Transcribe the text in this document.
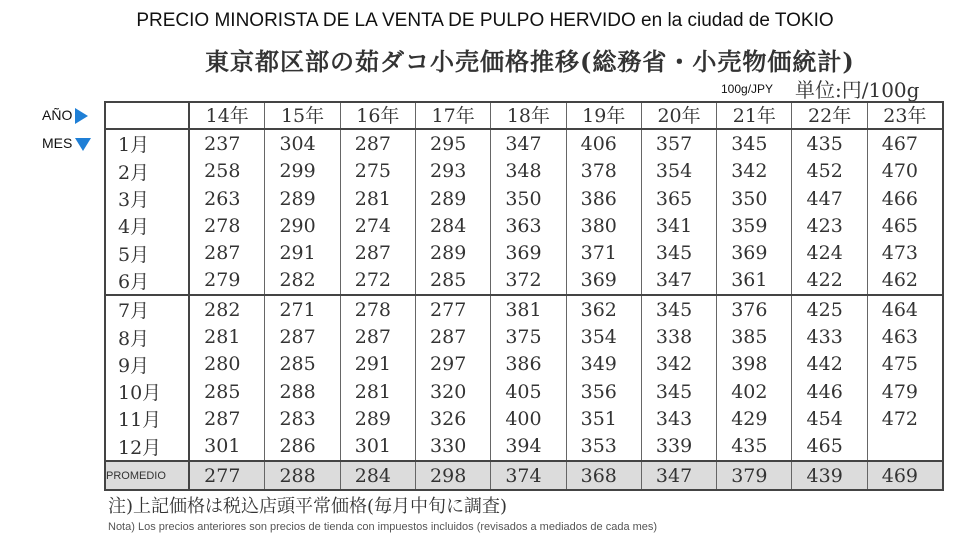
PRECIO MINORISTA DE LA VENTA DE PULPO HERVIDO en la ciudad de TOKIO
東京都区部の茹ダコ小売価格推移(総務省・小売物価統計)
100g/JPY 単位:円/100g
AÑO
MES
	14年	15年	16年	17年	18年	19年	20年	21年	22年	23年
1月	237	304	287	295	347	406	357	345	435	467
2月	258	299	275	293	348	378	354	342	452	470
3月	263	289	281	289	350	386	365	350	447	466
4月	278	290	274	284	363	380	341	359	423	465
5月	287	291	287	289	369	371	345	369	424	473
6月	279	282	272	285	372	369	347	361	422	462
7月	282	271	278	277	381	362	345	376	425	464
8月	281	287	287	287	375	354	338	385	433	463
9月	280	285	291	297	386	349	342	398	442	475
10月	285	288	281	320	405	356	345	402	446	479
11月	287	283	289	326	400	351	343	429	454	472
12月	301	286	301	330	394	353	339	435	465	
PROMEDIO	277	288	284	298	374	368	347	379	439	469
注)上記価格は税込店頭平常価格(毎月中旬に調査)
Nota) Los precios anteriores son precios de tienda con impuestos incluidos (revisados a mediados de cada mes)
